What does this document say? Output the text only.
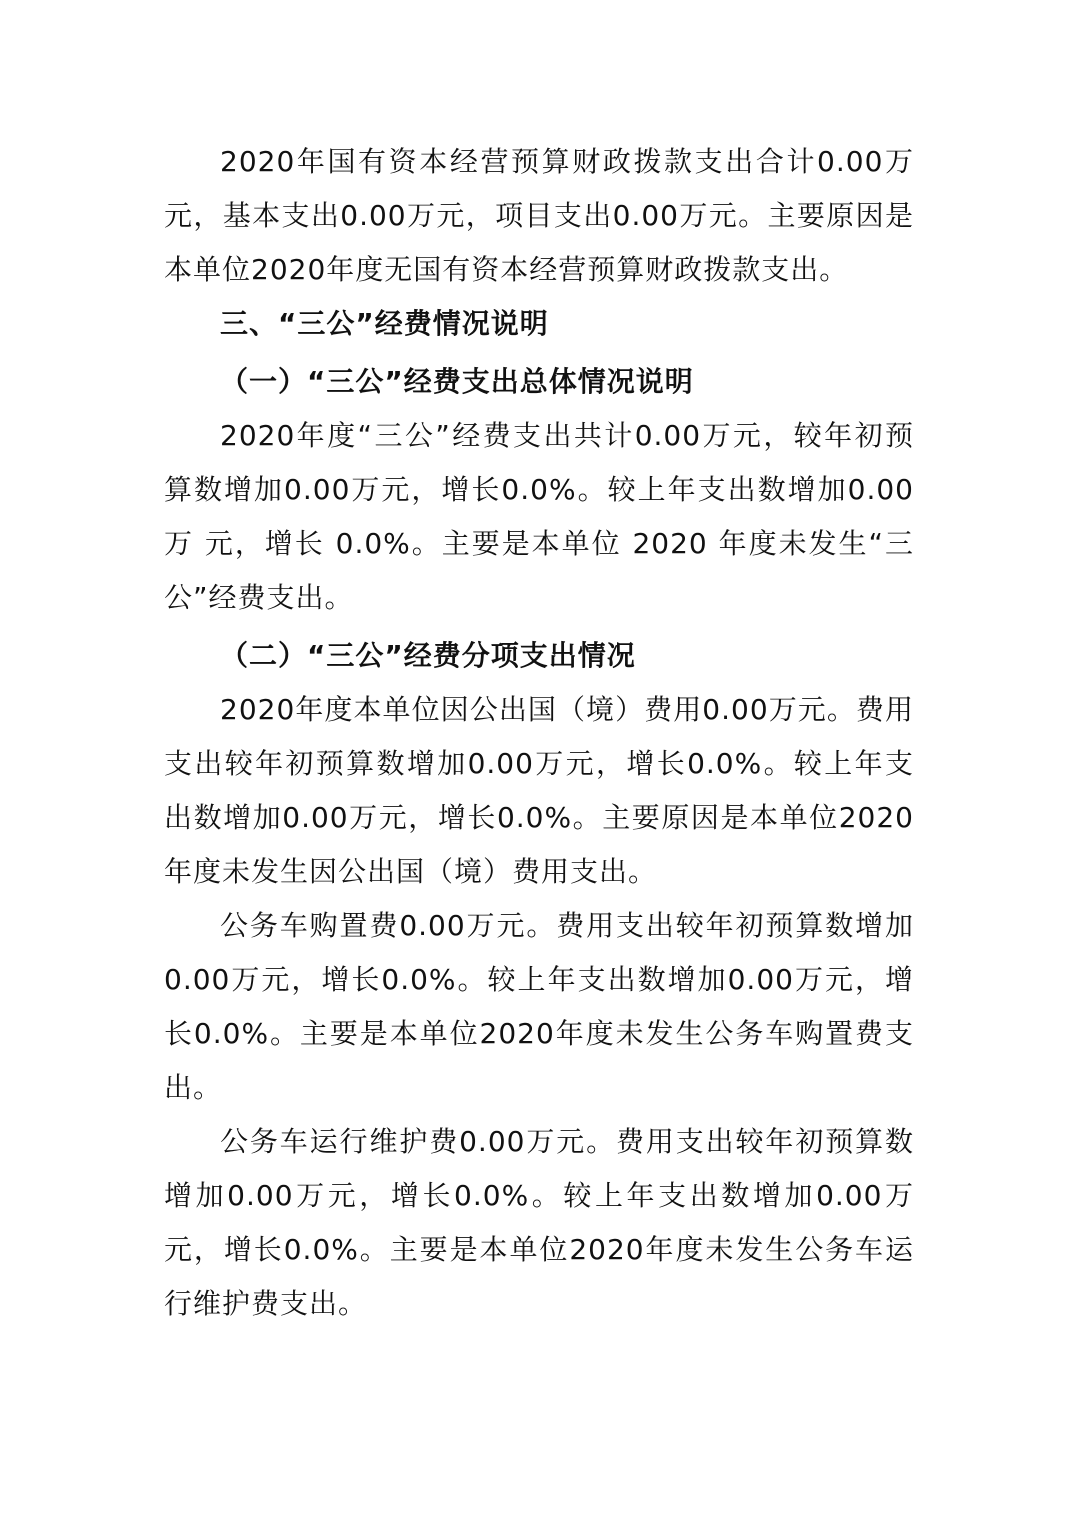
2020年国有资本经营预算财政拨款支出合计0.00万元，基本支出0.00万元，项目支出0.00万元。主要原因是本单位2020年度无国有资本经营预算财政拨款支出。

三、“三公”经费情况说明

（一）“三公”经费支出总体情况说明

2020年度“三公”经费支出共计0.00万元，较年初预算数增加0.00万元，增长0.0%。较上年支出数增加0.00万 元，增长 0.0%。主要是本单位 2020 年度未发生“三公”经费支出。

（二）“三公”经费分项支出情况

2020年度本单位因公出国（境）费用0.00万元。费用支出较年初预算数增加0.00万元，增长0.0%。较上年支出数增加0.00万元，增长0.0%。主要原因是本单位2020年度未发生因公出国（境）费用支出。

公务车购置费0.00万元。费用支出较年初预算数增加0.00万元，增长0.0%。较上年支出数增加0.00万元，增长0.0%。主要是本单位2020年度未发生公务车购置费支出。

公务车运行维护费0.00万元。费用支出较年初预算数增加0.00万元，增长0.0%。较上年支出数增加0.00万元，增长0.0%。主要是本单位2020年度未发生公务车运行维护费支出。
